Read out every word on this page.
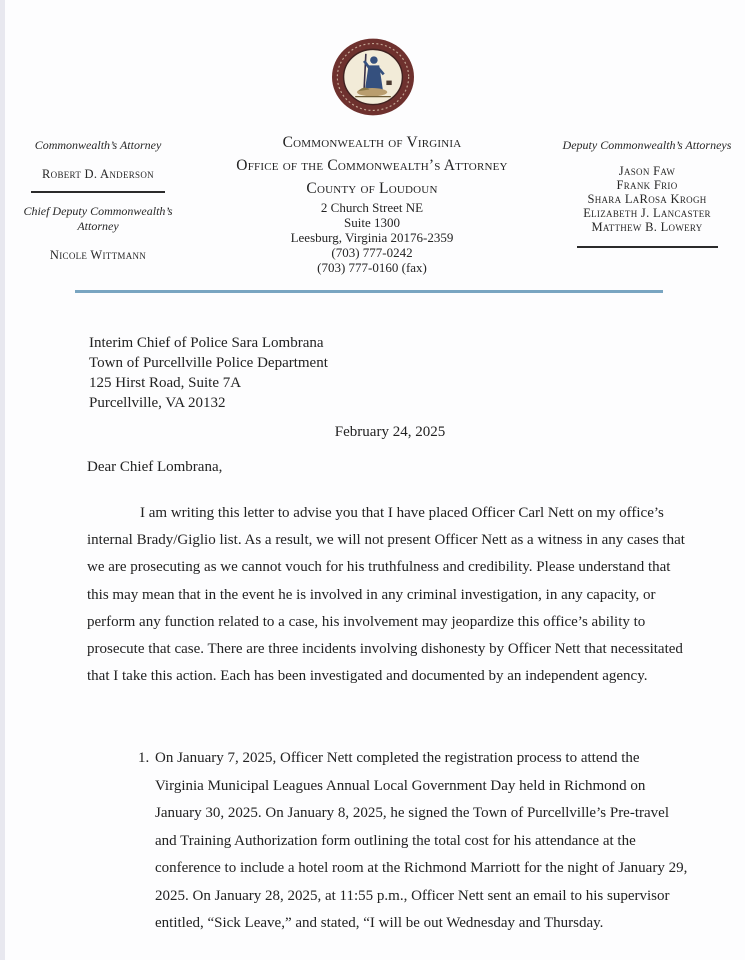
Commonwealth’s Attorney
Robert D. Anderson
Chief Deputy Commonwealth’s Attorney
Nicole Wittmann
Commonwealth of Virginia
Office of the Commonwealth’s Attorney
County of Loudoun
2 Church Street NE
Suite 1300
Leesburg, Virginia 20176-2359
(703) 777-0242
(703) 777-0160 (fax)
Deputy Commonwealth’s Attorneys
Jason Faw
Frank Frio
Shara LaRosa Krogh
Elizabeth J. Lancaster
Matthew B. Lowery
Interim Chief of Police Sara Lombrana
Town of Purcellville Police Department
125 Hirst Road, Suite 7A
Purcellville, VA 20132
February 24, 2025
Dear Chief Lombrana,
I am writing this letter to advise you that I have placed Officer Carl Nett on my office’s internal Brady/Giglio list. As a result, we will not present Officer Nett as a witness in any cases that we are prosecuting as we cannot vouch for his truthfulness and credibility. Please understand that this may mean that in the event he is involved in any criminal investigation, in any capacity, or perform any function related to a case, his involvement may jeopardize this office’s ability to prosecute that case. There are three incidents involving dishonesty by Officer Nett that necessitated that I take this action. Each has been investigated and documented by an independent agency.
1. On January 7, 2025, Officer Nett completed the registration process to attend the Virginia Municipal Leagues Annual Local Government Day held in Richmond on January 30, 2025. On January 8, 2025, he signed the Town of Purcellville’s Pre-travel and Training Authorization form outlining the total cost for his attendance at the conference to include a hotel room at the Richmond Marriott for the night of January 29, 2025. On January 28, 2025, at 11:55 p.m., Officer Nett sent an email to his supervisor entitled, “Sick Leave,” and stated, “I will be out Wednesday and Thursday.
